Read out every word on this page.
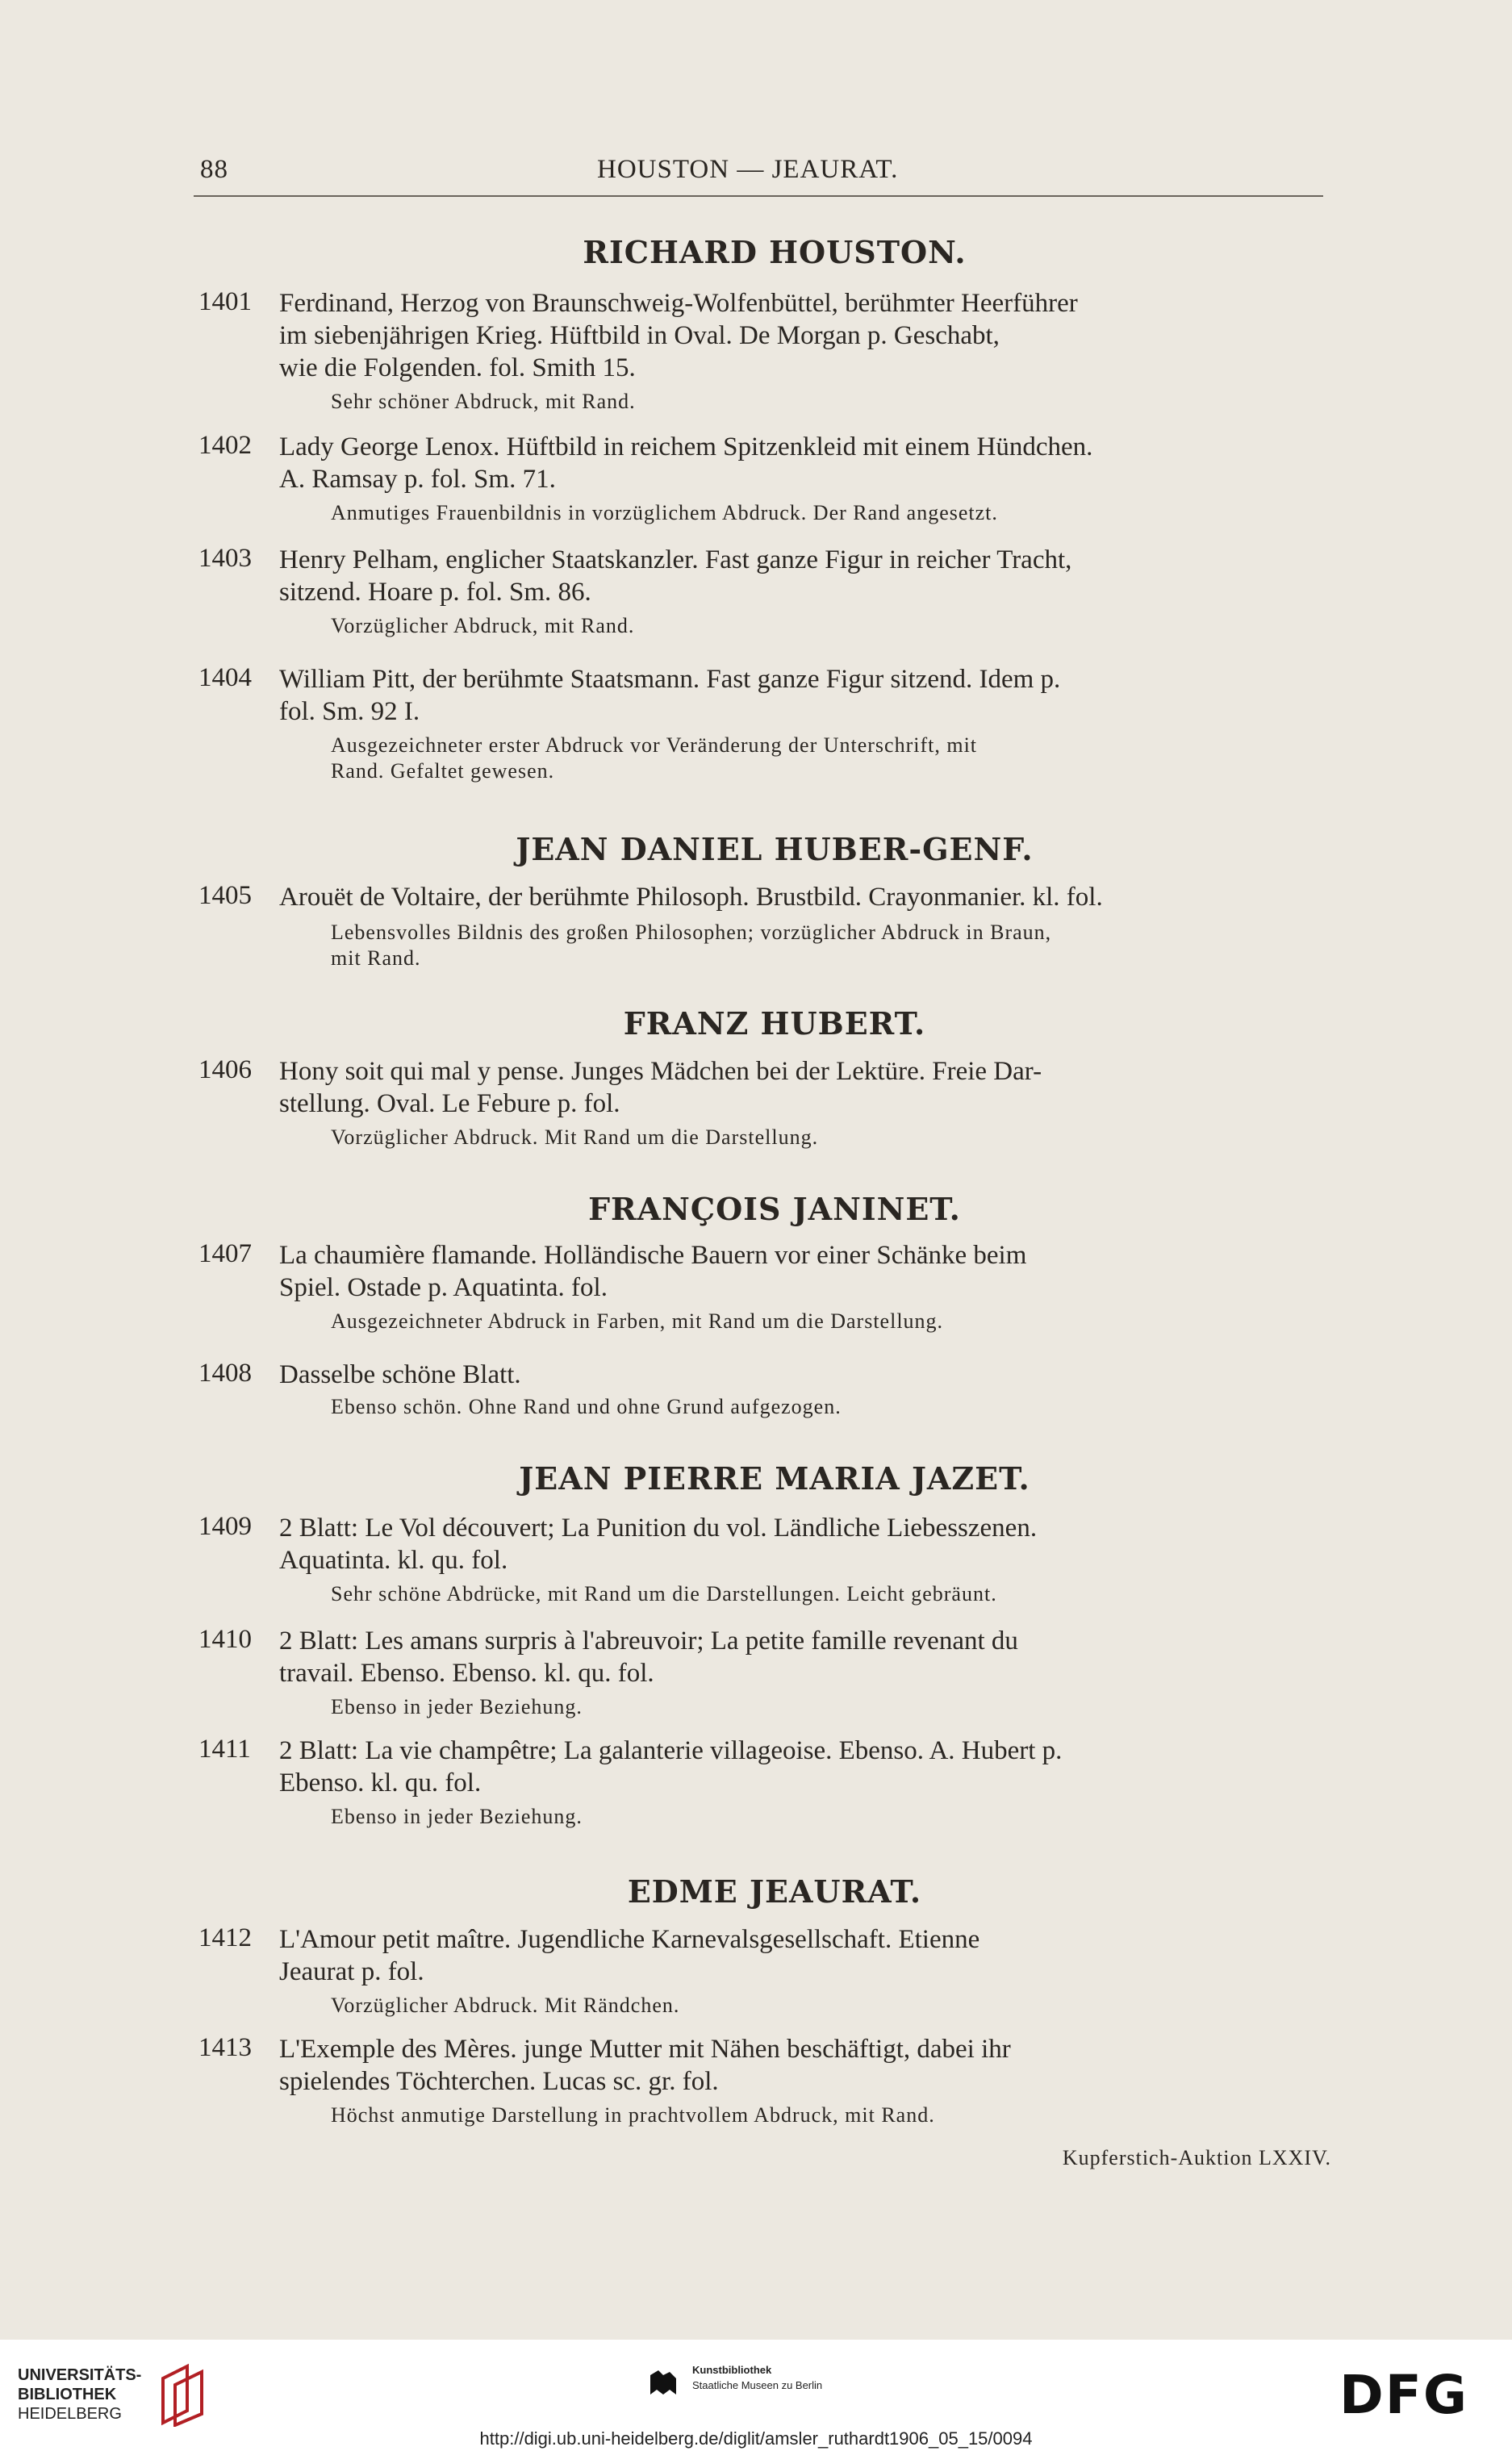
88	HOUSTON — JEAURAT.
RICHARD HOUSTON.
1401	Ferdinand, Herzog von Braunschweig-Wolfenbüttel, berühmter Heerführer
im siebenjährigen Krieg. Hüftbild in Oval. De Morgan p. Geschabt,
wie die Folgenden. fol. Smith 15.
Sehr schöner Abdruck, mit Rand.
1402	Lady George Lenox. Hüftbild in reichem Spitzenkleid mit einem Hündchen.
A. Ramsay p. fol. Sm. 71.
Anmutiges Frauenbildnis in vorzüglichem Abdruck. Der Rand angesetzt.
1403	Henry Pelham, englicher Staatskanzler. Fast ganze Figur in reicher Tracht,
sitzend. Hoare p. fol. Sm. 86.
Vorzüglicher Abdruck, mit Rand.
1404	William Pitt, der berühmte Staatsmann. Fast ganze Figur sitzend. Idem p.
fol. Sm. 92 I.
Ausgezeichneter erster Abdruck vor Veränderung der Unterschrift, mit
Rand. Gefaltet gewesen.
JEAN DANIEL HUBER-GENF.
1405	Arouët de Voltaire, der berühmte Philosoph. Brustbild. Crayonmanier. kl. fol.
Lebensvolles Bildnis des großen Philosophen; vorzüglicher Abdruck in Braun,
mit Rand.
FRANZ HUBERT.
1406	Hony soit qui mal y pense. Junges Mädchen bei der Lektüre. Freie Dar-
stellung. Oval. Le Febure p. fol.
Vorzüglicher Abdruck. Mit Rand um die Darstellung.
FRANÇOIS JANINET.
1407	La chaumière flamande. Holländische Bauern vor einer Schänke beim
Spiel. Ostade p. Aquatinta. fol.
Ausgezeichneter Abdruck in Farben, mit Rand um die Darstellung.
1408	Dasselbe schöne Blatt.
Ebenso schön. Ohne Rand und ohne Grund aufgezogen.
JEAN PIERRE MARIA JAZET.
1409	2 Blatt: Le Vol découvert; La Punition du vol. Ländliche Liebesszenen.
Aquatinta. kl. qu. fol.
Sehr schöne Abdrücke, mit Rand um die Darstellungen. Leicht gebräunt.
1410	2 Blatt: Les amans surpris à l'abreuvoir; La petite famille revenant du
travail. Ebenso. Ebenso. kl. qu. fol.
Ebenso in jeder Beziehung.
1411	2 Blatt: La vie champêtre; La galanterie villageoise. Ebenso. A. Hubert p.
Ebenso. kl. qu. fol.
Ebenso in jeder Beziehung.
EDME JEAURAT.
1412	L'Amour petit maître. Jugendliche Karnevalsgesellschaft. Etienne
Jeaurat p. fol.
Vorzüglicher Abdruck. Mit Rändchen.
1413	L'Exemple des Mères. junge Mutter mit Nähen beschäftigt, dabei ihr
spielendes Töchterchen. Lucas sc. gr. fol.
Höchst anmutige Darstellung in prachtvollem Abdruck, mit Rand.
Kupferstich-Auktion LXXIV.
UNIVERSITÄTS-
BIBLIOTHEK
HEIDELBERG
Kunstbibliothek
Staatliche Museen zu Berlin	DFG
http://digi.ub.uni-heidelberg.de/diglit/amsler_ruthardt1906_05_15/0094
